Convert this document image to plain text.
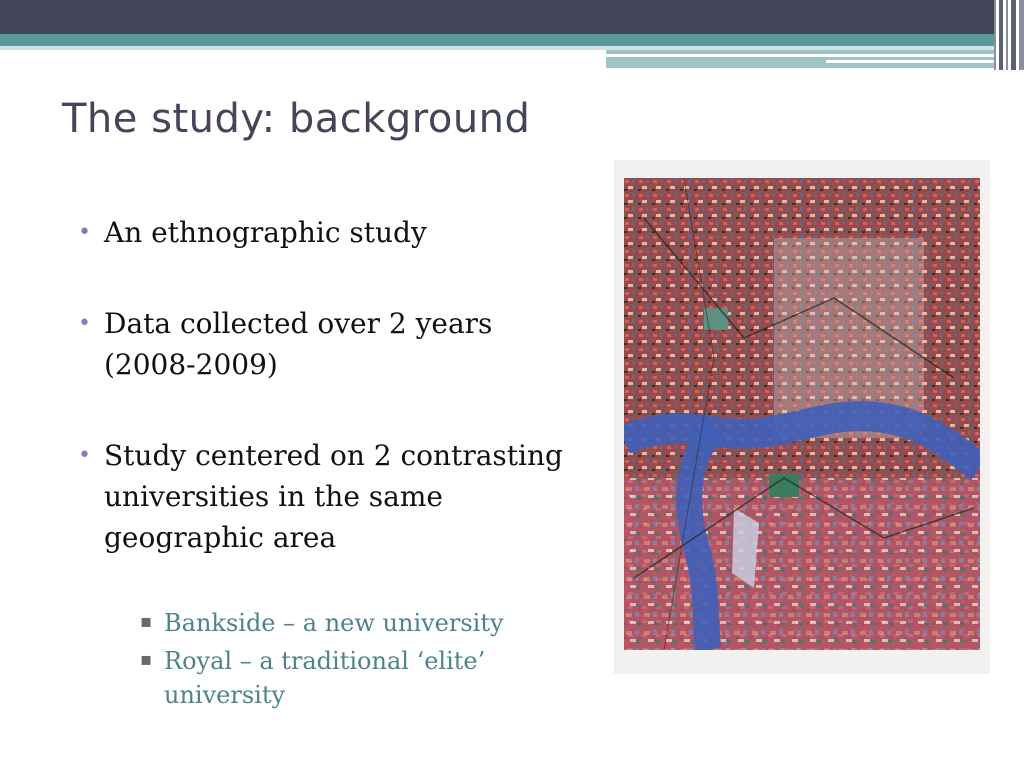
The study: background
• An ethnographic study
• Data collected over 2 years (2008-2009)
• Study centered on 2 contrasting universities in the same geographic area
▪ Bankside – a new university
▪ Royal – a traditional ‘elite’ university
